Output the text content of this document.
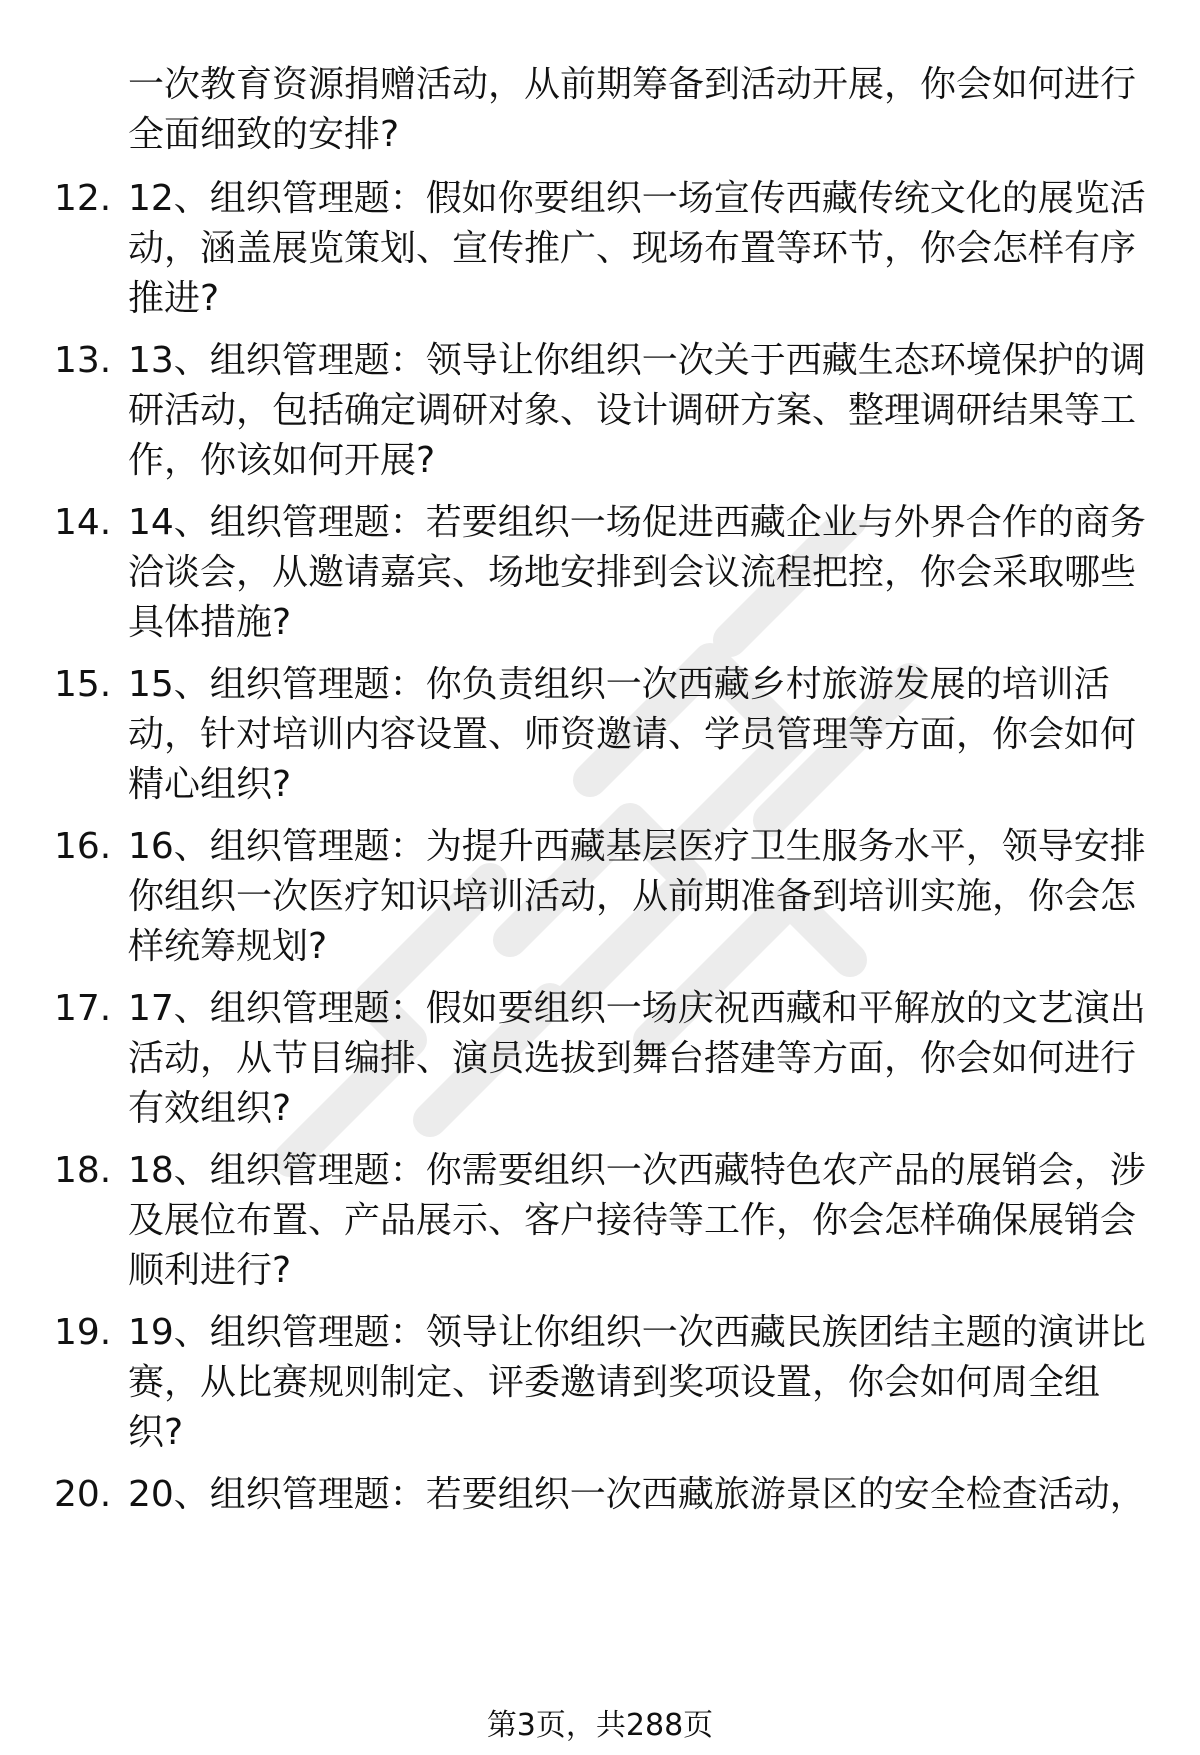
一次教育资源捐赠活动，从前期筹备到活动开展，你会如何进行全面细致的安排?
12. 12、组织管理题：假如你要组织一场宣传西藏传统文化的展览活动，涵盖展览策划、宣传推广、现场布置等环节，你会怎样有序推进?
13. 13、组织管理题：领导让你组织一次关于西藏生态环境保护的调研活动，包括确定调研对象、设计调研方案、整理调研结果等工作，你该如何开展?
14. 14、组织管理题：若要组织一场促进西藏企业与外界合作的商务洽谈会，从邀请嘉宾、场地安排到会议流程把控，你会采取哪些具体措施?
15. 15、组织管理题：你负责组织一次西藏乡村旅游发展的培训活动，针对培训内容设置、师资邀请、学员管理等方面，你会如何精心组织?
16. 16、组织管理题：为提升西藏基层医疗卫生服务水平，领导安排你组织一次医疗知识培训活动，从前期准备到培训实施，你会怎样统筹规划?
17. 17、组织管理题：假如要组织一场庆祝西藏和平解放的文艺演出活动，从节目编排、演员选拔到舞台搭建等方面，你会如何进行有效组织?
18. 18、组织管理题：你需要组织一次西藏特色农产品的展销会，涉及展位布置、产品展示、客户接待等工作，你会怎样确保展销会顺利进行?
19. 19、组织管理题：领导让你组织一次西藏民族团结主题的演讲比赛，从比赛规则制定、评委邀请到奖项设置，你会如何周全组织?
20. 20、组织管理题：若要组织一次西藏旅游景区的安全检查活动，
第3页，共288页
